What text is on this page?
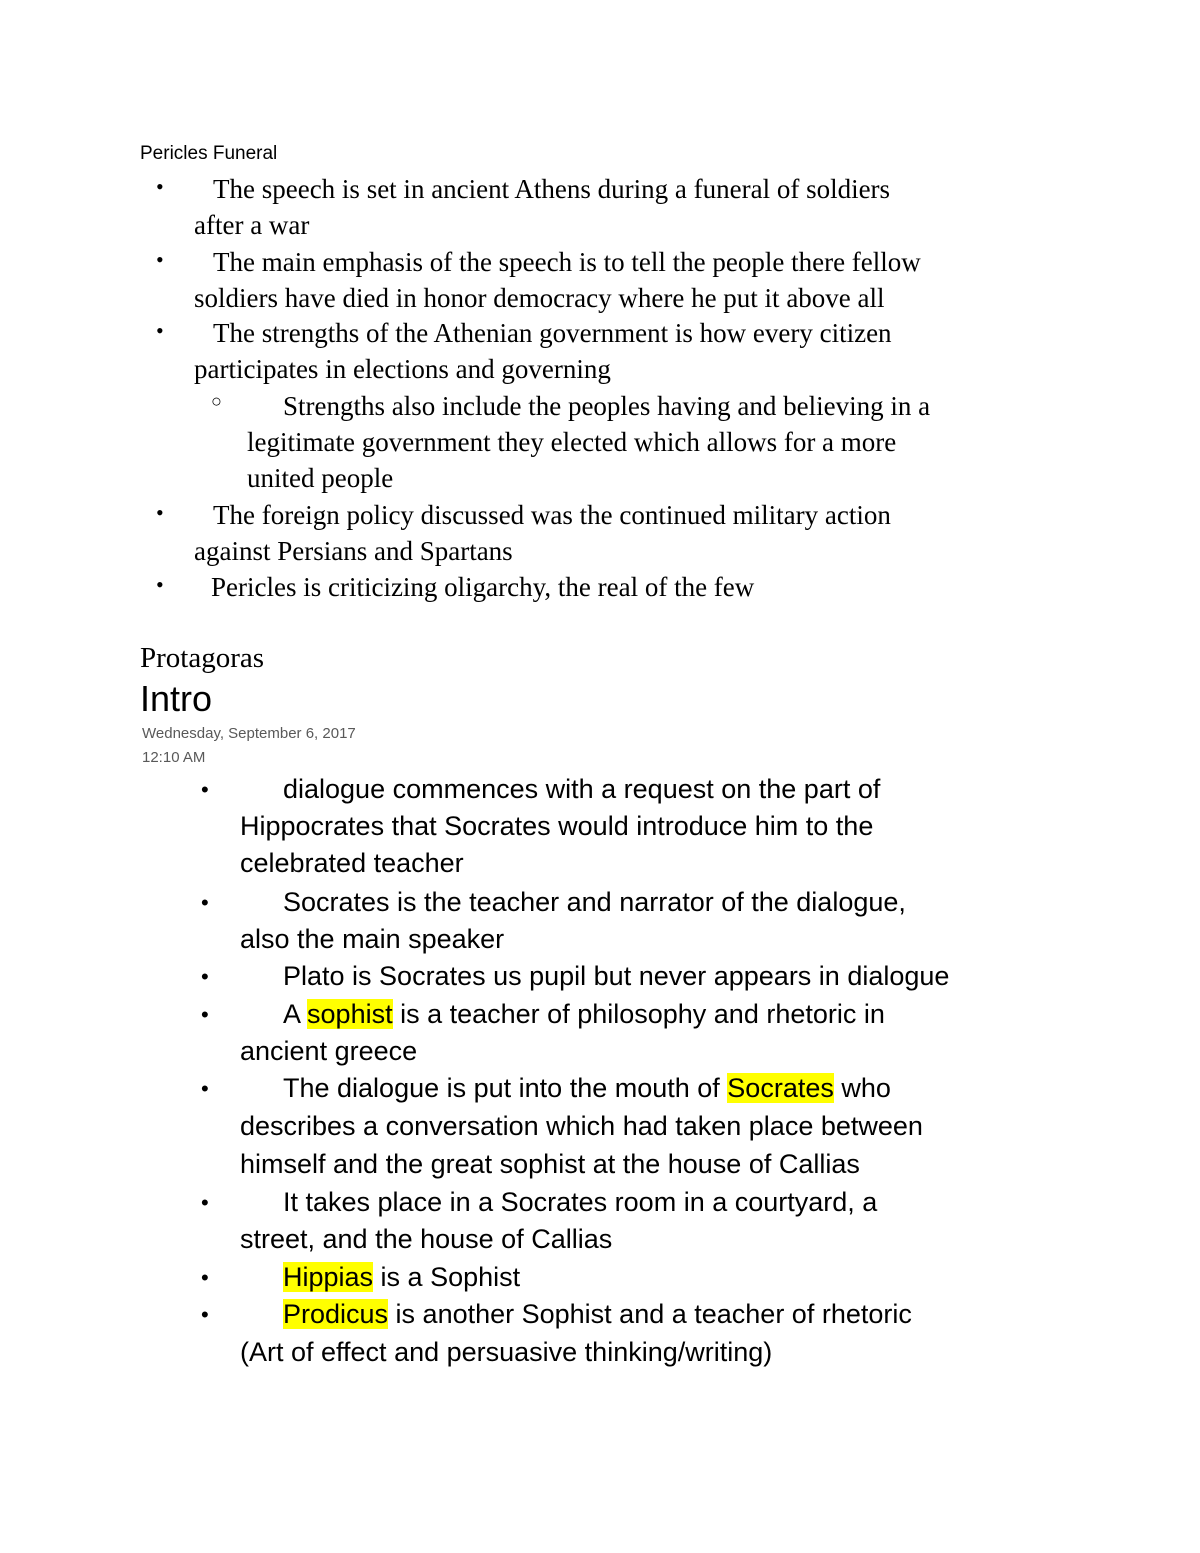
Pericles Funeral
• The speech is set in ancient Athens during a funeral of soldiers
after a war
• The main emphasis of the speech is to tell the people there fellow
soldiers have died in honor democracy where he put it above all
• The strengths of the Athenian government is how every citizen
participates in elections and governing
○ Strengths also include the peoples having and believing in a
legitimate government they elected which allows for a more
united people
• The foreign policy discussed was the continued military action
against Persians and Spartans
• Pericles is criticizing oligarchy, the real of the few
Protagoras
Intro
Wednesday, September 6, 2017
12:10 AM
•	dialogue commences with a request on the part of
Hippocrates that Socrates would introduce him to the
celebrated teacher
•	Socrates is the teacher and narrator of the dialogue,
also the main speaker
•	Plato is Socrates us pupil but never appears in dialogue
•	A sophist is a teacher of philosophy and rhetoric in
ancient greece
•	The dialogue is put into the mouth of Socrates who
describes a conversation which had taken place between
himself and the great sophist at the house of Callias
•	It takes place in a Socrates room in a courtyard, a
street, and the house of Callias
•	Hippias is a Sophist
•	Prodicus is another Sophist and a teacher of rhetoric
(Art of effect and persuasive thinking/writing)
